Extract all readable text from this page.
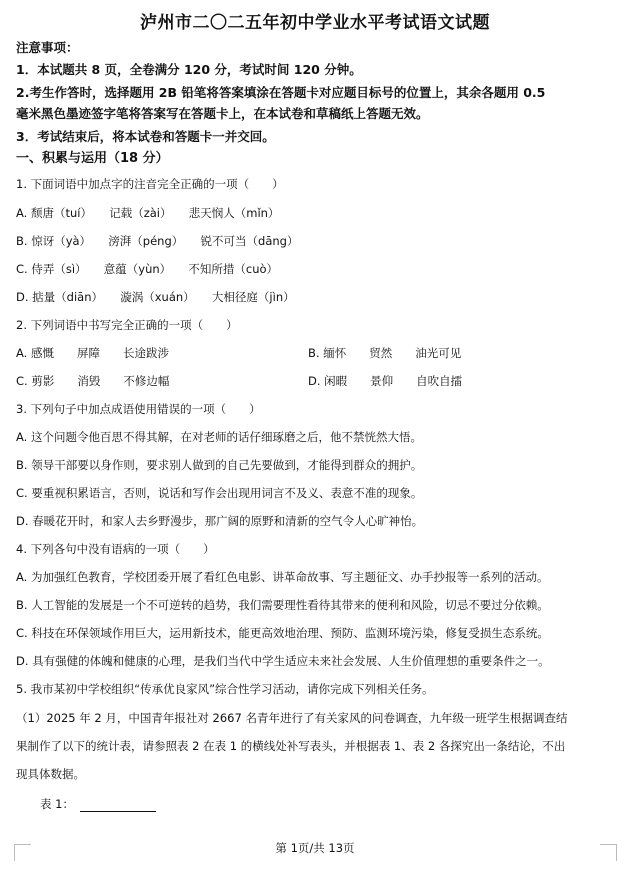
泸州市二〇二五年初中学业水平考试语文试题
注意事项：
1．本试题共 8 页，全卷满分 120 分，考试时间 120 分钟。
2.考生作答时，选择题用 2B 铅笔将答案填涂在答题卡对应题目标号的位置上，其余各题用 0.5
毫米黑色墨迹签字笔将答案写在答题卡上，在本试卷和草稿纸上答题无效。
3．考试结束后，将本试卷和答题卡一并交回。
一、积累与运用（18 分）
1. 下面词语中加点字的注音完全正确的一项（　　）
A. 颓唐（tuí）　　记载（zài）　　悲天悯人（mǐn）
B. 惊讶（yà）　　滂湃（péng）　　锐不可当（dāng）
C. 侍弄（sì）　　意蕴（yùn）　　不知所措（cuò）
D. 掂量（diān）　　漩涡（xuán）　　大相径庭（jìn）
2. 下列词语中书写完全正确的一项（　　）
A. 感慨　　屏障　　长途跋涉	B. 缅怀　　贸然　　油光可见
C. 剪影　　消毁　　不修边幅	D. 闲暇　　景仰　　自吹自擂
3. 下列句子中加点成语使用错误的一项（　　）
A. 这个问题令他百思不得其解，在对老师的话仔细琢磨之后，他不禁恍然大悟。
B. 领导干部要以身作则，要求别人做到的自己先要做到，才能得到群众的拥护。
C. 要重视积累语言，否则，说话和写作会出现用词言不及义、表意不准的现象。
D. 春暖花开时，和家人去乡野漫步，那广阔的原野和清新的空气令人心旷神怡。
4. 下列各句中没有语病的一项（　　）
A. 为加强红色教育，学校团委开展了看红色电影、讲革命故事、写主题征文、办手抄报等一系列的活动。
B. 人工智能的发展是一个不可逆转的趋势，我们需要理性看待其带来的便利和风险，切忌不要过分依赖。
C. 科技在环保领域作用巨大，运用新技术，能更高效地治理、预防、监测环境污染，修复受损生态系统。
D. 具有强健的体魄和健康的心理，是我们当代中学生适应未来社会发展、人生价值理想的重要条件之一。
5. 我市某初中学校组织“传承优良家风”综合性学习活动，请你完成下列相关任务。
（1）2025 年 2 月，中国青年报社对 2667 名青年进行了有关家风的问卷调查，九年级一班学生根据调查结
果制作了以下的统计表，请参照表 2 在表 1 的横线处补写表头，并根据表 1、表 2 各探究出一条结论，不出
现具体数据。
表 1：
第 1页/共 13页
